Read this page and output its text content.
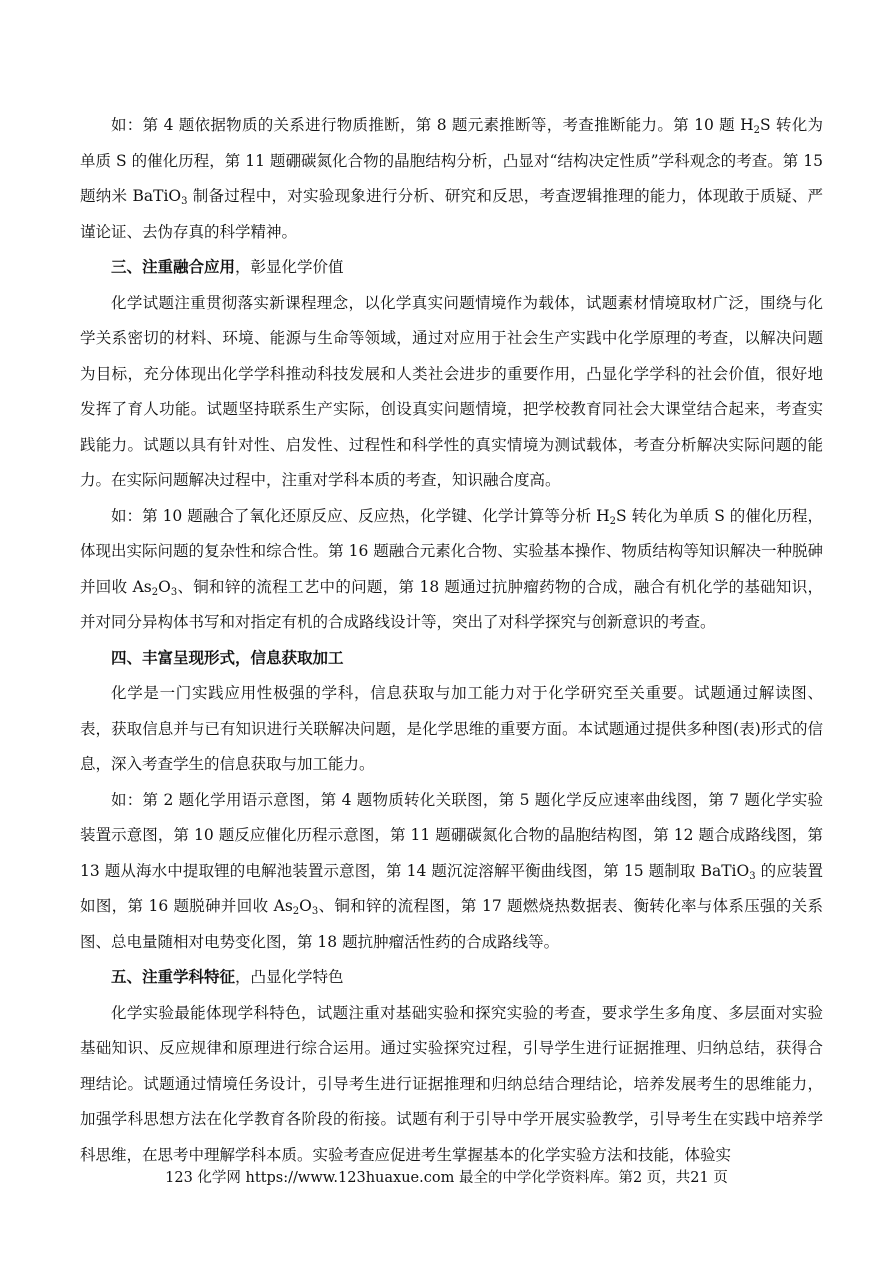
如：第 4 题依据物质的关系进行物质推断，第 8 题元素推断等，考查推断能力。第 10 题 $H_2S$ 转化为单质 S 的催化历程，第 11 题硼碳氮化合物的晶胞结构分析，凸显对“结构决定性质”学科观念的考查。第 15 题纳米 BaTiO$_3$ 制备过程中，对实验现象进行分析、研究和反思，考查逻辑推理的能力，体现敢于质疑、严谨论证、去伪存真的科学精神。

三、注重融合应用，彰显化学价值

化学试题注重贯彻落实新课程理念，以化学真实问题情境作为载体，试题素材情境取材广泛，围绕与化学关系密切的材料、环境、能源与生命等领域，通过对应用于社会生产实践中化学原理的考查，以解决问题为目标，充分体现出化学学科推动科技发展和人类社会进步的重要作用，凸显化学学科的社会价值，很好地发挥了育人功能。试题坚持联系生产实际，创设真实问题情境，把学校教育同社会大课堂结合起来，考查实践能力。试题以具有针对性、启发性、过程性和科学性的真实情境为测试载体，考查分析解决实际问题的能力。在实际问题解决过程中，注重对学科本质的考查，知识融合度高。

如：第 10 题融合了氧化还原反应、反应热，化学键、化学计算等分析 $H_2S$ 转化为单质 S 的催化历程，体现出实际问题的复杂性和综合性。第 16 题融合元素化合物、实验基本操作、物质结构等知识解决一种脱砷并回收 $As_2O_3$、铜和锌的流程工艺中的问题，第 18 题通过抗肿瘤药物的合成，融合有机化学的基础知识，并对同分异构体书写和对指定有机的合成路线设计等，突出了对科学探究与创新意识的考查。

四、丰富呈现形式，信息获取加工

化学是一门实践应用性极强的学科，信息获取与加工能力对于化学研究至关重要。试题通过解读图、表，获取信息并与已有知识进行关联解决问题，是化学思维的重要方面。本试题通过提供多种图(表)形式的信息，深入考查学生的信息获取与加工能力。

如：第 2 题化学用语示意图，第 4 题物质转化关联图，第 5 题化学反应速率曲线图，第 7 题化学实验装置示意图，第 10 题反应催化历程示意图，第 11 题硼碳氮化合物的晶胞结构图，第 12 题合成路线图，第 13 题从海水中提取锂的电解池装置示意图，第 14 题沉淀溶解平衡曲线图，第 15 题制取 BaTiO$_3$ 的应装置如图，第 16 题脱砷并回收 $As_2O_3$、铜和锌的流程图，第 17 题燃烧热数据表、衡转化率与体系压强的关系图、总电量随相对电势变化图，第 18 题抗肿瘤活性药的合成路线等。

五、注重学科特征，凸显化学特色

化学实验最能体现学科特色，试题注重对基础实验和探究实验的考查，要求学生多角度、多层面对实验基础知识、反应规律和原理进行综合运用。通过实验探究过程，引导学生进行证据推理、归纳总结，获得合理结论。试题通过情境任务设计，引导考生进行证据推理和归纳总结合理结论，培养发展考生的思维能力，加强学科思想方法在化学教育各阶段的衔接。试题有利于引导中学开展实验教学，引导考生在实践中培养学科思维，在思考中理解学科本质。实验考查应促进考生掌握基本的化学实验方法和技能，体验实

123 化学网 https://www.123huaxue.com 最全的中学化学资料库。第2 页，共21 页
